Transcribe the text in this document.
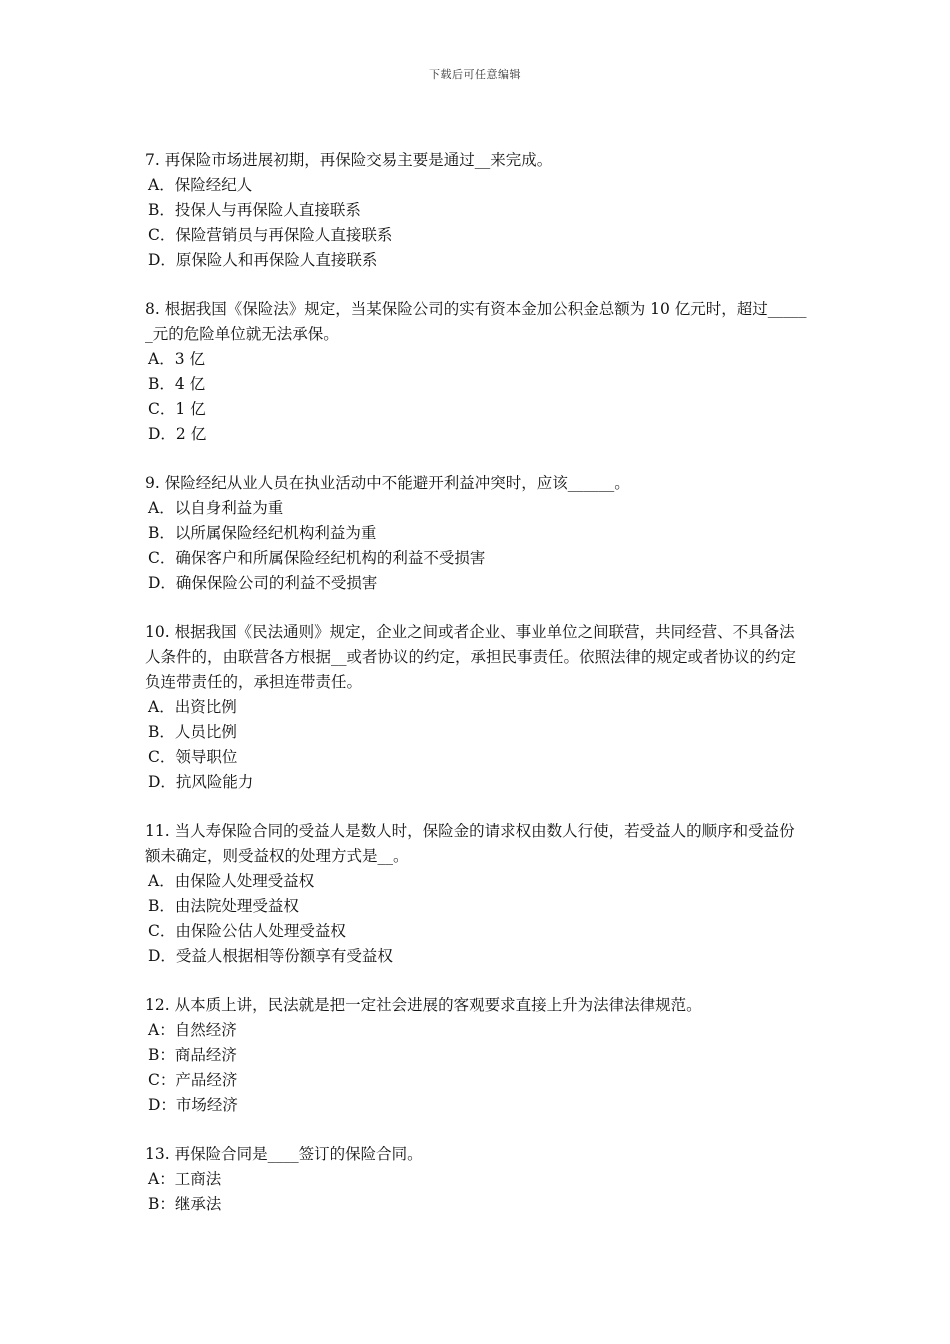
下载后可任意编辑

7. 再保险市场进展初期，再保险交易主要是通过__来完成。

A．保险经纪人

B．投保人与再保险人直接联系

C．保险营销员与再保险人直接联系

D．原保险人和再保险人直接联系

8. 根据我国《保险法》规定，当某保险公司的实有资本金加公积金总额为 10 亿元时，超过______元的危险单位就无法承保。

A．3 亿

B．4 亿

C．1 亿

D．2 亿

9. 保险经纪从业人员在执业活动中不能避开利益冲突时，应该______。

A．以自身利益为重

B．以所属保险经纪机构利益为重

C．确保客户和所属保险经纪机构的利益不受损害

D．确保保险公司的利益不受损害

10. 根据我国《民法通则》规定，企业之间或者企业、事业单位之间联营，共同经营、不具备法人条件的，由联营各方根据__或者协议的约定，承担民事责任。依照法律的规定或者协议的约定负连带责任的，承担连带责任。

A．出资比例

B．人员比例

C．领导职位

D．抗风险能力

11. 当人寿保险合同的受益人是数人时，保险金的请求权由数人行使，若受益人的顺序和受益份额未确定，则受益权的处理方式是__。

A．由保险人处理受益权

B．由法院处理受益权

C．由保险公估人处理受益权

D．受益人根据相等份额享有受益权

12. 从本质上讲，民法就是把一定社会进展的客观要求直接上升为法律法律规范。

A：自然经济

B：商品经济

C：产品经济

D：市场经济

13. 再保险合同是____签订的保险合同。

A：工商法

B：继承法
